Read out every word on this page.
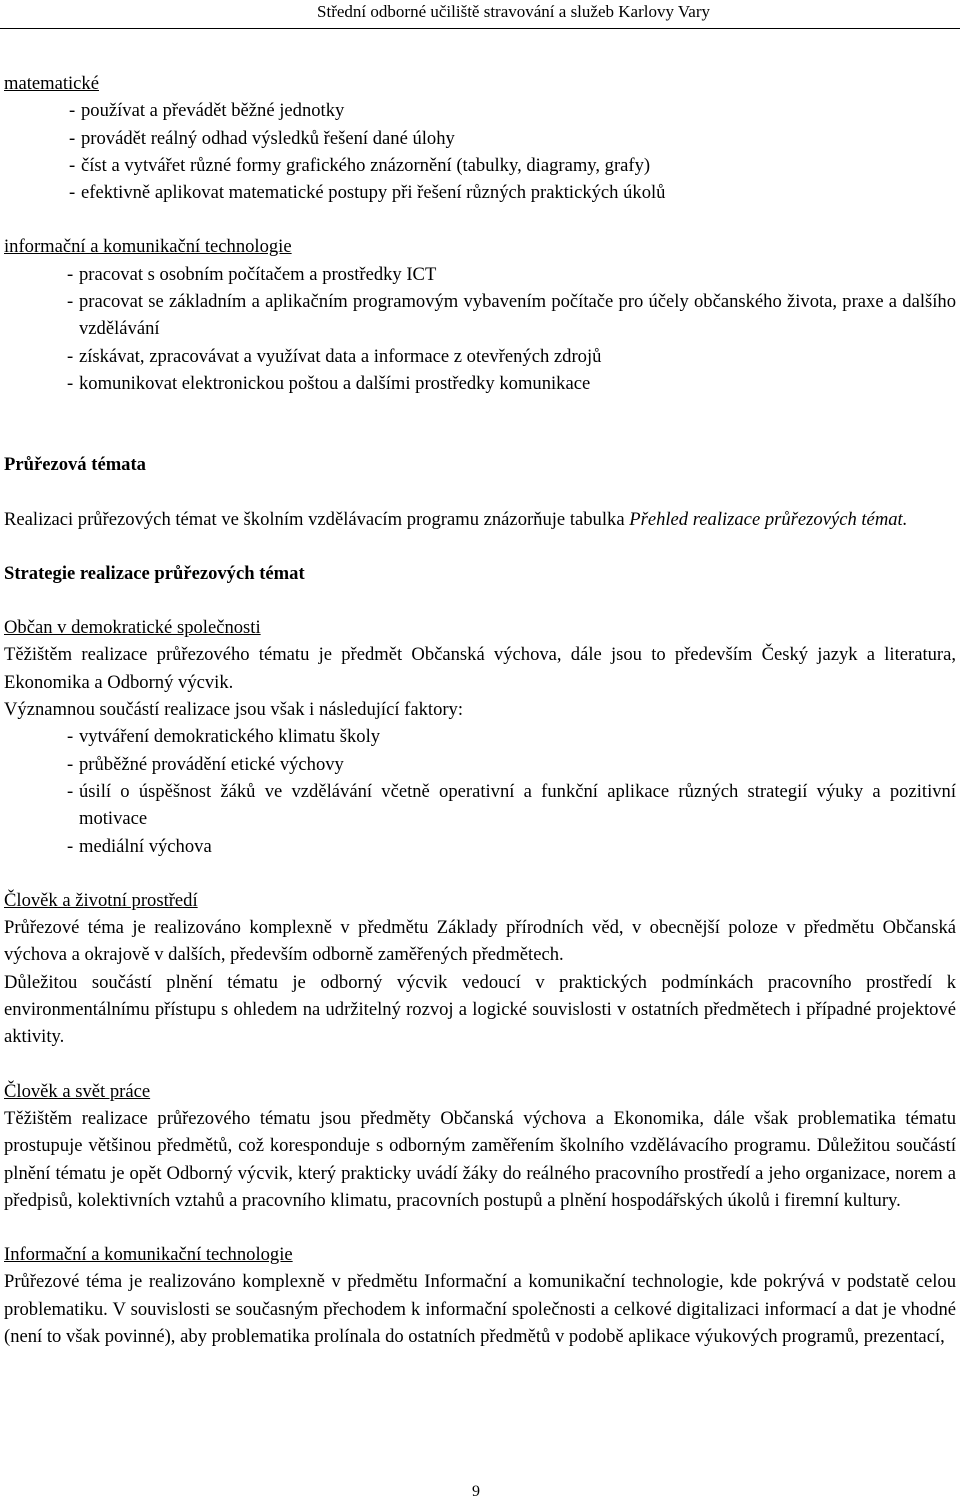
Střední odborné učiliště stravování a služeb Karlovy Vary

matematické

- používat a převádět běžné jednotky
- provádět reálný odhad výsledků řešení dané úlohy
- číst a vytvářet různé formy grafického znázornění (tabulky, diagramy, grafy)
- efektivně aplikovat matematické postupy při řešení různých praktických úkolů

informační a komunikační technologie

- pracovat s osobním počítačem a prostředky ICT
- pracovat se základním a aplikačním programovým vybavením počítače pro účely občanského života, praxe a dalšího vzdělávání
- získávat, zpracovávat a využívat data a informace z otevřených zdrojů
- komunikovat elektronickou poštou a dalšími prostředky komunikace

Průřezová témata

Realizaci průřezových témat ve školním vzdělávacím programu znázorňuje tabulka Přehled realizace průřezových témat.

Strategie realizace průřezových témat

Občan v demokratické společnosti

Těžištěm realizace průřezového tématu je předmět Občanská výchova, dále jsou to především Český jazyk a literatura, Ekonomika a Odborný výcvik.

Významnou součástí realizace jsou však i následující faktory:

- vytváření demokratického klimatu školy
- průběžné provádění etické výchovy
- úsilí o úspěšnost žáků ve vzdělávání včetně operativní a funkční aplikace různých strategií výuky a pozitivní motivace
- mediální výchova

Člověk a životní prostředí

Průřezové téma je realizováno komplexně v předmětu Základy přírodních věd, v obecnější poloze v předmětu Občanská výchova a okrajově v dalších, především odborně zaměřených předmětech.

Důležitou součástí plnění tématu je odborný výcvik vedoucí v praktických podmínkách pracovního prostředí k environmentálnímu přístupu s ohledem na udržitelný rozvoj a logické souvislosti v ostatních předmětech i případné projektové aktivity.

Člověk a svět práce

Těžištěm realizace průřezového tématu jsou předměty Občanská výchova a Ekonomika, dále však problematika tématu prostupuje většinou předmětů, což koresponduje s odborným zaměřením školního vzdělávacího programu. Důležitou součástí plnění tématu je opět Odborný výcvik, který prakticky uvádí žáky do reálného pracovního prostředí a jeho organizace, norem a předpisů, kolektivních vztahů a pracovního klimatu, pracovních postupů a plnění hospodářských úkolů i firemní kultury.

Informační a komunikační technologie

Průřezové téma je realizováno komplexně v předmětu Informační a komunikační technologie, kde pokrývá v podstatě celou problematiku. V souvislosti se současným přechodem k informační společnosti a celkové digitalizaci informací a dat je vhodné (není to však povinné), aby problematika prolínala do ostatních předmětů v podobě aplikace výukových programů, prezentací,

9
